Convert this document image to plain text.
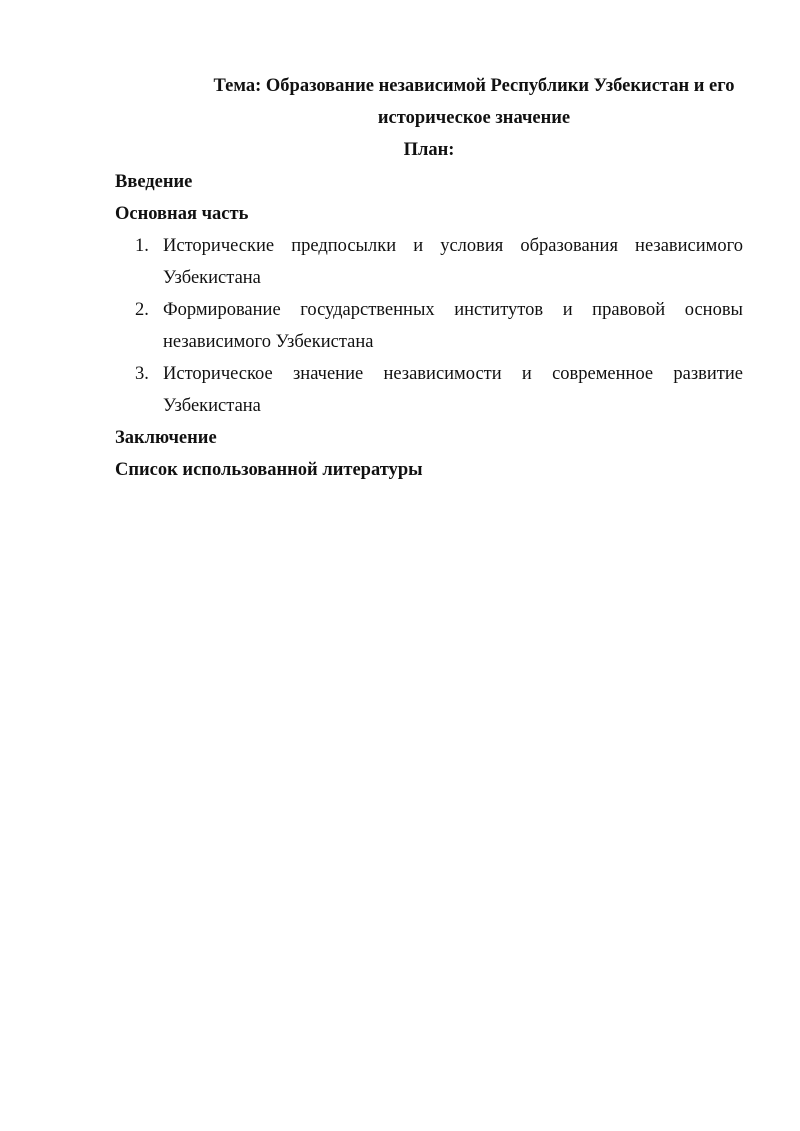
Тема: Образование независимой Республики Узбекистан и его историческое значение

План:

Введение

Основная часть

1. Исторические предпосылки и условия образования независимого Узбекистана
2. Формирование государственных институтов и правовой основы независимого Узбекистана
3. Историческое значение независимости и современное развитие Узбекистана

Заключение

Список использованной литературы
